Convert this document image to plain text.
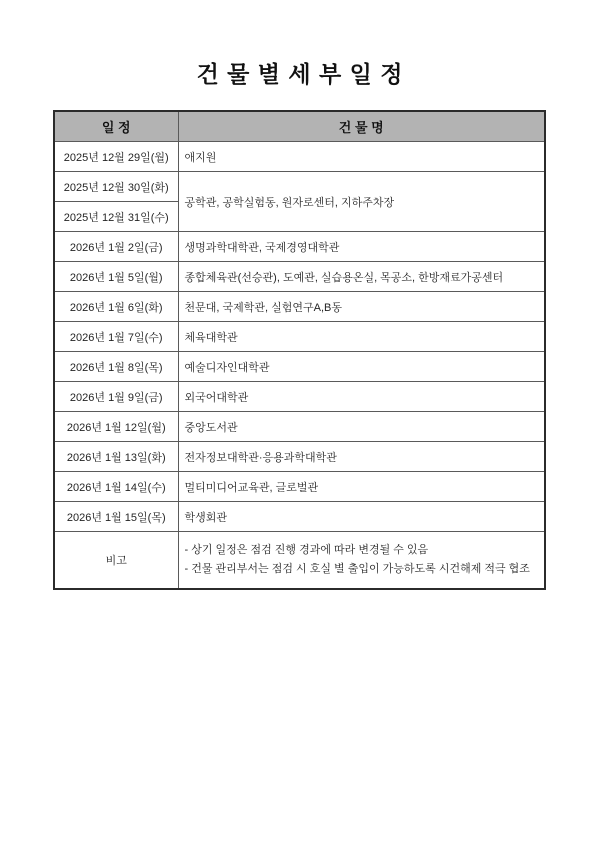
건 물 별 세 부 일 정
일 정	건 물 명
2025년 12월 29일(월)	애지원
2025년 12월 30일(화)	공학관, 공학실험동, 원자로센터, 지하주차장
2025년 12월 31일(수)	
2026년 1월 2일(금)	생명과학대학관, 국제경영대학관
2026년 1월 5일(월)	종합체육관(선승관), 도예관, 실습용온실, 목공소, 한방재료가공센터
2026년 1월 6일(화)	천문대, 국제학관, 실험연구A,B동
2026년 1월 7일(수)	체육대학관
2026년 1월 8일(목)	예술디자인대학관
2026년 1월 9일(금)	외국어대학관
2026년 1월 12일(월)	중앙도서관
2026년 1월 13일(화)	전자정보대학관·응용과학대학관
2026년 1월 14일(수)	멀티미디어교육관, 글로벌관
2026년 1월 15일(목)	학생회관
비고	- 상기 일정은 점검 진행 경과에 따라 변경될 수 있음
- 건물 관리부서는 점검 시 호실 별 출입이 가능하도록 시건해제 적극 협조
